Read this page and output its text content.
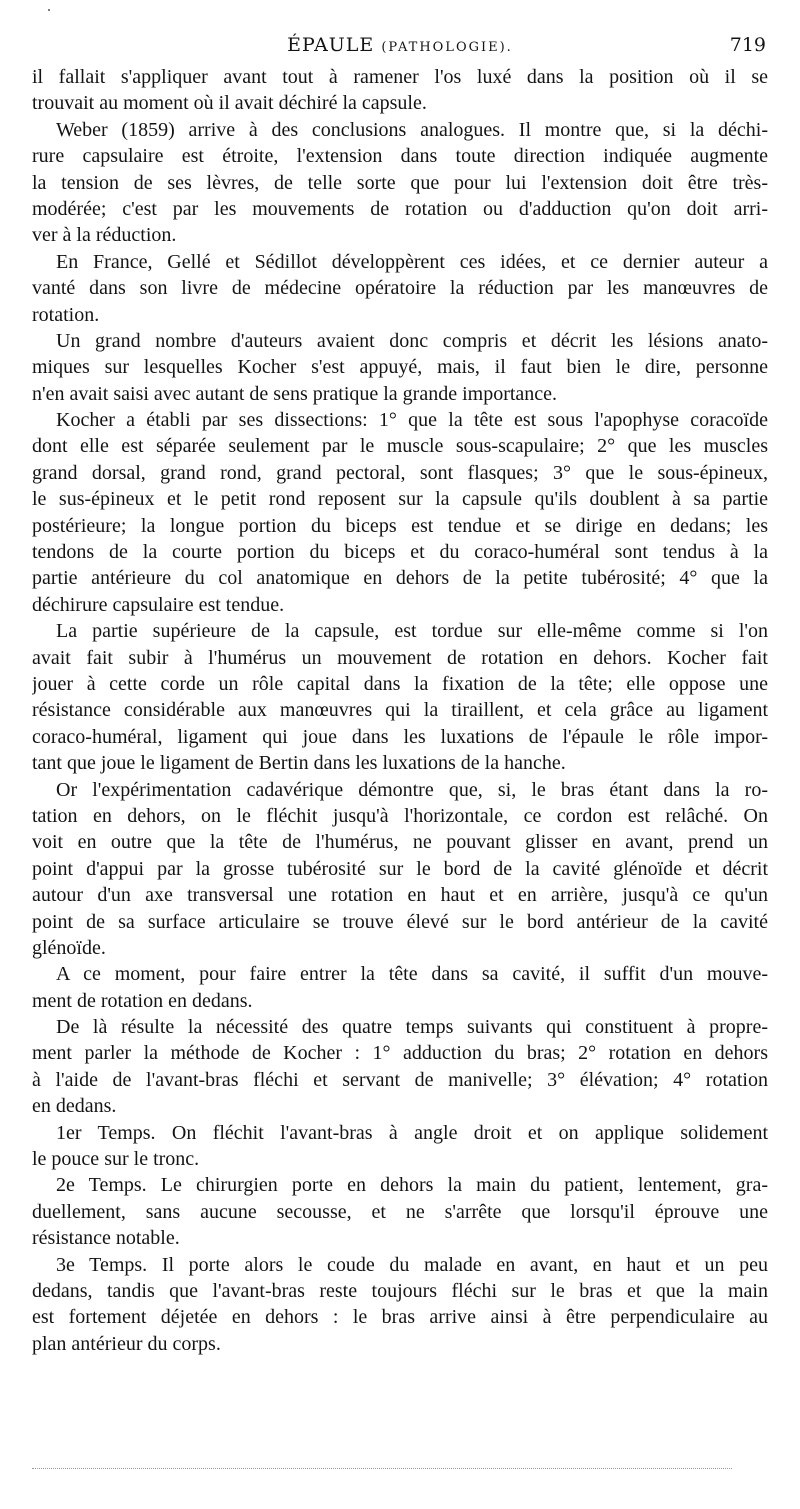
ÉPAULE (PATHOLOGIE).	719
il fallait s'appliquer avant tout à ramener l'os luxé dans la position où il se
trouvait au moment où il avait déchiré la capsule.
Weber (1859) arrive à des conclusions analogues. Il montre que, si la déchi-
rure capsulaire est étroite, l'extension dans toute direction indiquée augmente
la tension de ses lèvres, de telle sorte que pour lui l'extension doit être très-
modérée; c'est par les mouvements de rotation ou d'adduction qu'on doit arri-
ver à la réduction.
En France, Gellé et Sédillot développèrent ces idées, et ce dernier auteur a
vanté dans son livre de médecine opératoire la réduction par les manœuvres de
rotation.
Un grand nombre d'auteurs avaient donc compris et décrit les lésions anato-
miques sur lesquelles Kocher s'est appuyé, mais, il faut bien le dire, personne
n'en avait saisi avec autant de sens pratique la grande importance.
Kocher a établi par ses dissections: 1° que la tête est sous l'apophyse coracoïde
dont elle est séparée seulement par le muscle sous-scapulaire; 2° que les muscles
grand dorsal, grand rond, grand pectoral, sont flasques; 3° que le sous-épineux,
le sus-épineux et le petit rond reposent sur la capsule qu'ils doublent à sa partie
postérieure; la longue portion du biceps est tendue et se dirige en dedans; les
tendons de la courte portion du biceps et du coraco-huméral sont tendus à la
partie antérieure du col anatomique en dehors de la petite tubérosité; 4° que la
déchirure capsulaire est tendue.
La partie supérieure de la capsule, est tordue sur elle-même comme si l'on
avait fait subir à l'humérus un mouvement de rotation en dehors. Kocher fait
jouer à cette corde un rôle capital dans la fixation de la tête; elle oppose une
résistance considérable aux manœuvres qui la tiraillent, et cela grâce au ligament
coraco-huméral, ligament qui joue dans les luxations de l'épaule le rôle impor-
tant que joue le ligament de Bertin dans les luxations de la hanche.
Or l'expérimentation cadavérique démontre que, si, le bras étant dans la ro-
tation en dehors, on le fléchit jusqu'à l'horizontale, ce cordon est relâché. On
voit en outre que la tête de l'humérus, ne pouvant glisser en avant, prend un
point d'appui par la grosse tubérosité sur le bord de la cavité glénoïde et décrit
autour d'un axe transversal une rotation en haut et en arrière, jusqu'à ce qu'un
point de sa surface articulaire se trouve élevé sur le bord antérieur de la cavité
glénoïde.
A ce moment, pour faire entrer la tête dans sa cavité, il suffit d'un mouve-
ment de rotation en dedans.
De là résulte la nécessité des quatre temps suivants qui constituent à propre-
ment parler la méthode de Kocher : 1° adduction du bras; 2° rotation en dehors
à l'aide de l'avant-bras fléchi et servant de manivelle; 3° élévation; 4° rotation
en dedans.
1er Temps. On fléchit l'avant-bras à angle droit et on applique solidement
le pouce sur le tronc.
2e Temps. Le chirurgien porte en dehors la main du patient, lentement, gra-
duellement, sans aucune secousse, et ne s'arrête que lorsqu'il éprouve une
résistance notable.
3e Temps. Il porte alors le coude du malade en avant, en haut et un peu
dedans, tandis que l'avant-bras reste toujours fléchi sur le bras et que la main
est fortement déjetée en dehors : le bras arrive ainsi à être perpendiculaire au
plan antérieur du corps.
